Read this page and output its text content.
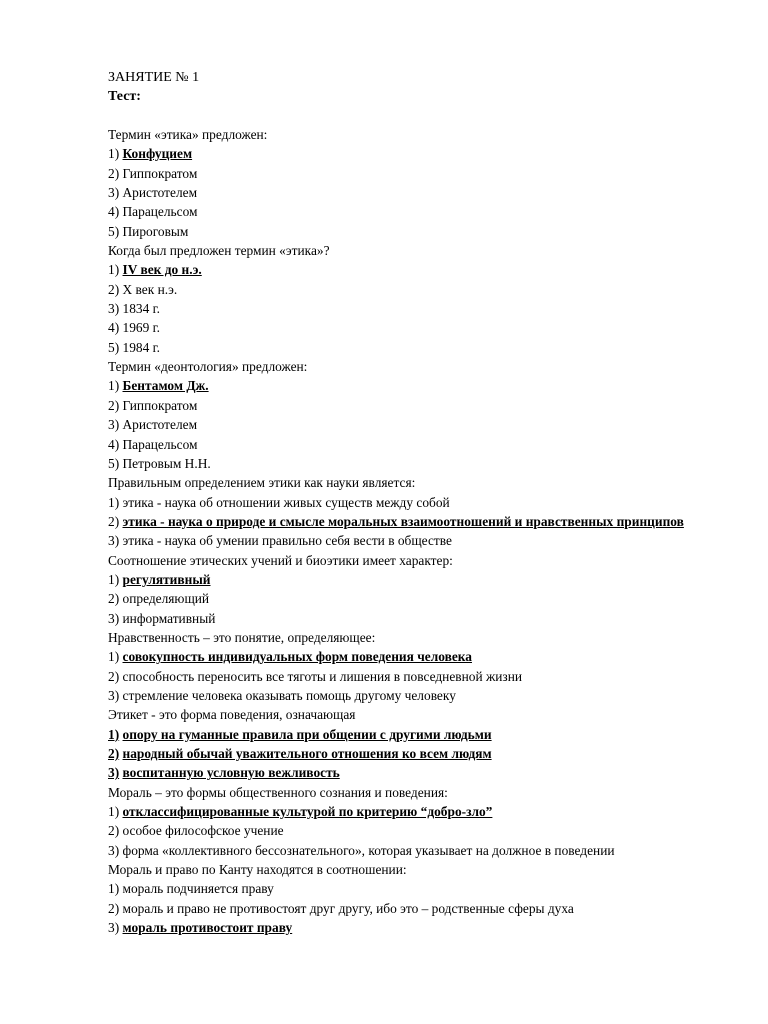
ЗАНЯТИЕ № 1
Тест:
Термин «этика» предложен:
1) Конфуцием
2) Гиппократом
3) Аристотелем
4) Парацельсом
5) Пироговым
Когда был предложен термин «этика»?
1) IV век до н.э.
2) X век н.э.
3) 1834 г.
4) 1969 г.
5) 1984 г.
Термин «деонтология» предложен:
1) Бентамом Дж.
2) Гиппократом
3) Аристотелем
4) Парацельсом
5) Петровым Н.Н.
Правильным определением этики как науки является:
1) этика - наука об отношении живых существ между собой
2) этика - наука о природе и смысле моральных взаимоотношений и нравственных принципов
3) этика - наука об умении правильно себя вести в обществе
Соотношение этических учений и биоэтики имеет характер:
1) регулятивный
2) определяющий
3) информативный
Нравственность – это понятие, определяющее:
1) совокупность индивидуальных форм поведения человека
2) способность переносить все тяготы и лишения в повседневной жизни
3) стремление человека оказывать помощь другому человеку
Этикет - это форма поведения, означающая
1) опору на гуманные правила при общении с другими людьми
2) народный обычай уважительного отношения ко всем людям
3) воспитанную условную вежливость
Мораль – это формы общественного сознания и поведения:
1) отклассифицированные культурой по критерию “добро-зло”
2) особое философское учение
3) форма «коллективного бессознательного», которая указывает на должное в поведении
Мораль и право по Канту находятся в соотношении:
1) мораль подчиняется праву
2) мораль и право не противостоят друг другу, ибо это – родственные сферы духа
3) мораль противостоит праву
